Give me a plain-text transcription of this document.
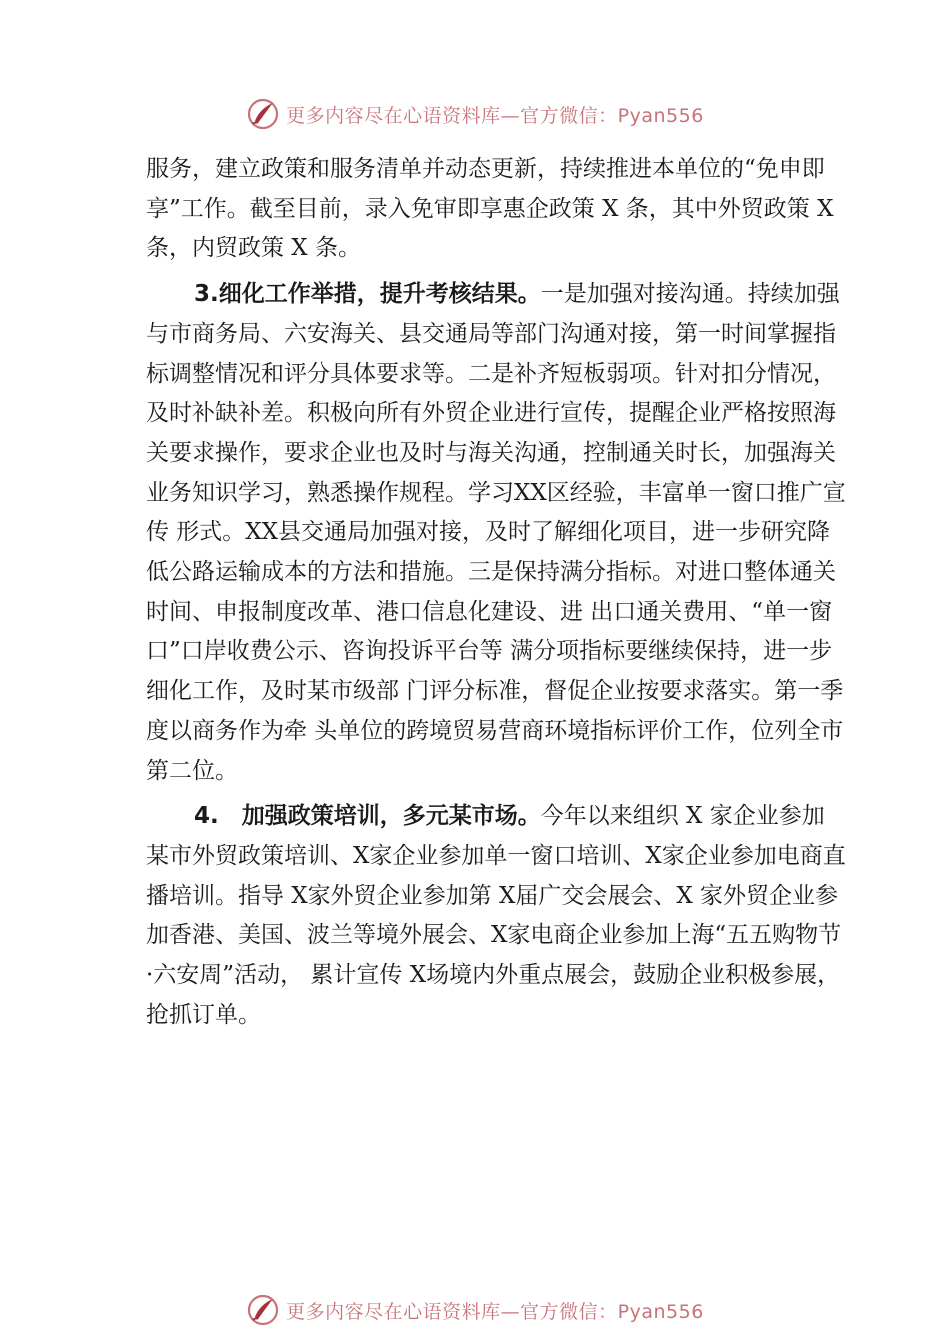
更多内容尽在心语资料库—官方微信：Pyan556

服务，建立政策和服务清单并动态更新，持续推进本单位的“免申即享”工作。截至目前，录入免审即享惠企政策 X 条，其中外贸政策 X 条，内贸政策 X 条。

3.细化工作举措，提升考核结果。一是加强对接沟通。持续加强与市商务局、六安海关、县交通局等部门沟通对接，第一时间掌握指标调整情况和评分具体要求等。二是补齐短板弱项。针对扣分情况，及时补缺补差。积极向所有外贸企业进行宣传，提醒企业严格按照海关要求操作，要求企业也及时与海关沟通，控制通关时长，加强海关业务知识学习，熟悉操作规程。学习XX区经验，丰富单一窗口推广宣传 形式。XX县交通局加强对接，及时了解细化项目，进一步研究降低公路运输成本的方法和措施。三是保持满分指标。对进口整体通关时间、申报制度改革、港口信息化建设、进 出口通关费用、“单一窗口”口岸收费公示、咨询投诉平台等 满分项指标要继续保持，进一步细化工作，及时某市级部 门评分标准，督促企业按要求落实。第一季度以商务作为牵 头单位的跨境贸易营商环境指标评价工作，位列全市第二位。

4.　加强政策培训，多元某市场。今年以来组织 X 家企业参加某市外贸政策培训、X家企业参加单一窗口培训、X家企业参加电商直播培训。指导 X家外贸企业参加第 X届广交会展会、X 家外贸企业参加香港、美国、波兰等境外展会、X家电商企业参加上海“五五购物节·六安周”活动， 累计宣传 X场境内外重点展会，鼓励企业积极参展，抢抓订单。

更多内容尽在心语资料库—官方微信：Pyan556
